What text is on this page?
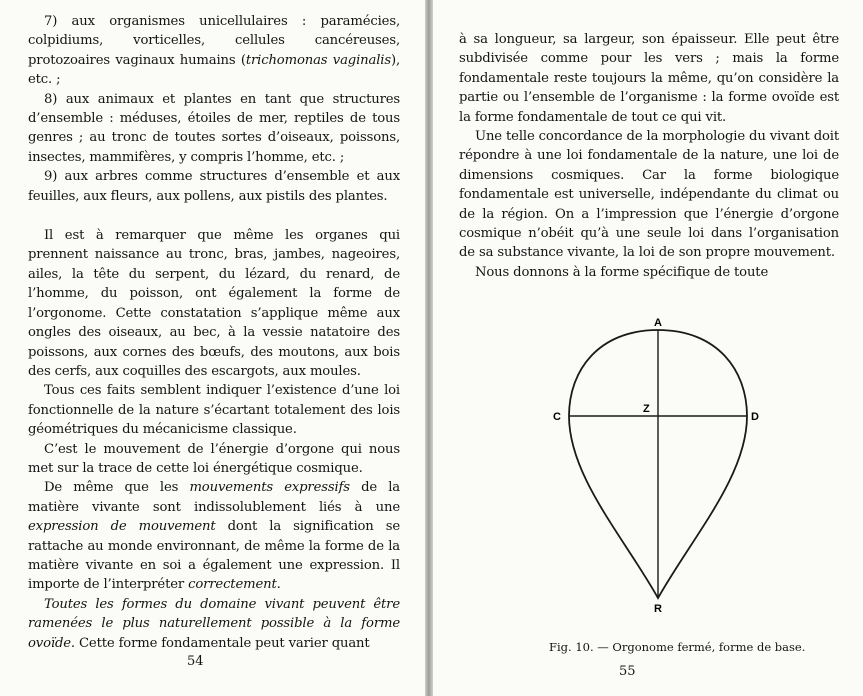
7) aux organismes unicellulaires : paramécies, colpidiums, vorticelles, cellules cancéreuses, protozoaires vaginaux humains (trichomonas vaginalis), etc. ;

8) aux animaux et plantes en tant que structures d’ensemble : méduses, étoiles de mer, reptiles de tous genres ; au tronc de toutes sortes d’oiseaux, poissons, insectes, mammifères, y compris l’homme, etc. ;

9) aux arbres comme structures d’ensemble et aux feuilles, aux fleurs, aux pollens, aux pistils des plantes.

Il est à remarquer que même les organes qui prennent naissance au tronc, bras, jambes, nageoires, ailes, la tête du serpent, du lézard, du renard, de l’homme, du poisson, ont également la forme de l’orgonome. Cette constatation s’applique même aux ongles des oiseaux, au bec, à la vessie natatoire des poissons, aux cornes des bœufs, des moutons, aux bois des cerfs, aux coquilles des escargots, aux moules.

Tous ces faits semblent indiquer l’existence d’une loi fonctionnelle de la nature s’écartant totalement des lois géométriques du mécanicisme classique.

C’est le mouvement de l’énergie d’orgone qui nous met sur la trace de cette loi énergétique cosmique.

De même que les mouvements expressifs de la matière vivante sont indissolublement liés à une expression de mouvement dont la signification se rattache au monde environnant, de même la forme de la matière vivante en soi a également une expression. Il importe de l’interpréter correctement.

Toutes les formes du domaine vivant peuvent être ramenées le plus naturellement possible à la forme ovoïde. Cette forme fondamentale peut varier quant

54

à sa longueur, sa largeur, son épaisseur. Elle peut être subdivisée comme pour les vers ; mais la forme fondamentale reste toujours la même, qu’on considère la partie ou l’ensemble de l’organisme : la forme ovoïde est la forme fondamentale de tout ce qui vit.

Une telle concordance de la morphologie du vivant doit répondre à une loi fondamentale de la nature, une loi de dimensions cosmiques. Car la forme biologique fondamentale est universelle, indépendante du climat ou de la région. On a l’impression que l’énergie d’orgone cosmique n’obéit qu’à une seule loi dans l’organisation de sa substance vivante, la loi de son propre mouvement.

Nous donnons à la forme spécifique de toute

A
C
Z
D
R
Fig. 10. — Orgonome fermé, forme de base.
55
